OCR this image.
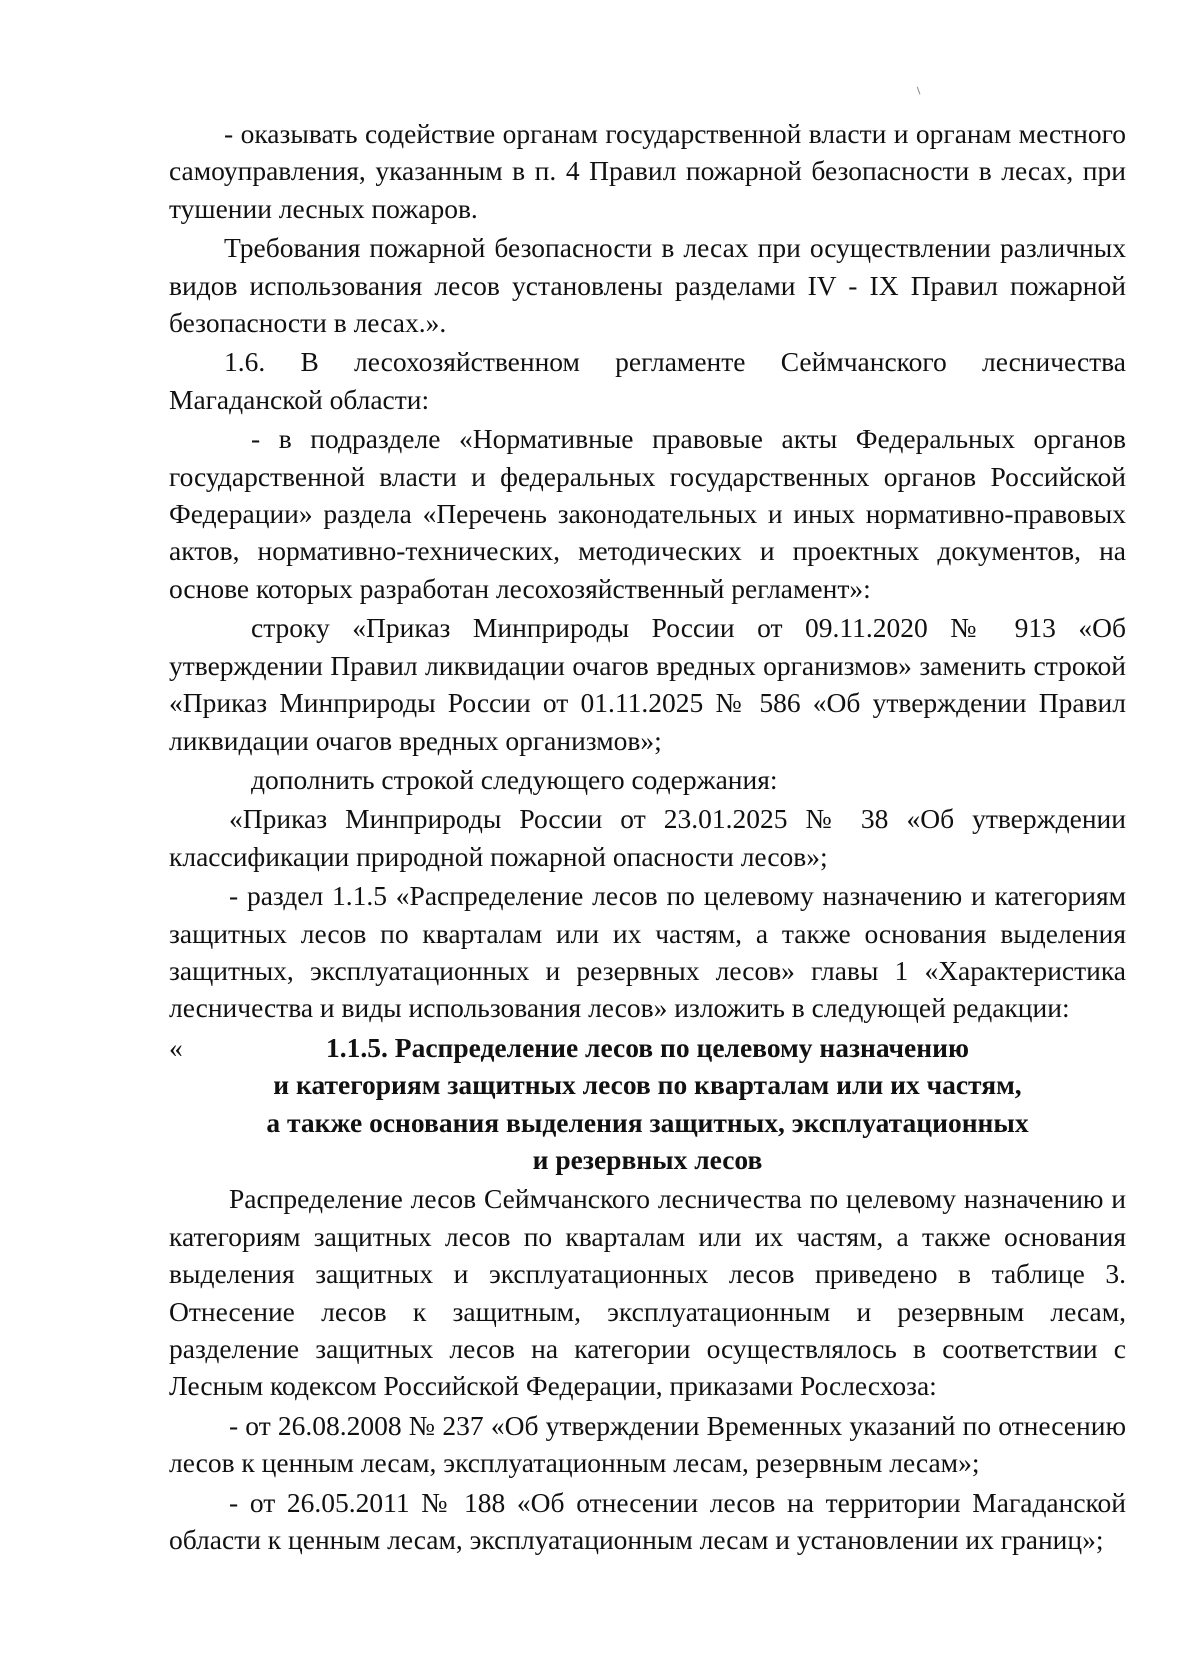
- оказывать содействие органам государственной власти и органам местного самоуправления, указанным в п. 4 Правил пожарной безопасности в лесах, при тушении лесных пожаров.

Требования пожарной безопасности в лесах при осуществлении различных видов использования лесов установлены разделами IV - IX Правил пожарной безопасности в лесах.».

1.6. В лесохозяйственном регламенте Сеймчанского лесничества Магаданской области:

- в подразделе «Нормативные правовые акты Федеральных органов государственной власти и федеральных государственных органов Российской Федерации» раздела «Перечень законодательных и иных нормативно-правовых актов, нормативно-технических, методических и проектных документов, на основе которых разработан лесохозяйственный регламент»:

строку «Приказ Минприроды России от 09.11.2020 № 913 «Об утверждении Правил ликвидации очагов вредных организмов» заменить строкой «Приказ Минприроды России от 01.11.2025 № 586 «Об утверждении Правил ликвидации очагов вредных организмов»;

дополнить строкой следующего содержания:

«Приказ Минприроды России от 23.01.2025 № 38 «Об утверждении классификации природной пожарной опасности лесов»;

- раздел 1.1.5 «Распределение лесов по целевому назначению и категориям защитных лесов по кварталам или их частям, а также основания выделения защитных, эксплуатационных и резервных лесов» главы 1 «Характеристика лесничества и виды использования лесов» изложить в следующей редакции:

«	1.1.5. Распределение лесов по целевому назначению
и категориям защитных лесов по кварталам или их частям,
а также основания выделения защитных, эксплуатационных
и резервных лесов

Распределение лесов Сеймчанского лесничества по целевому назначению и категориям защитных лесов по кварталам или их частям, а также основания выделения защитных и эксплуатационных лесов приведено в таблице 3. Отнесение лесов к защитным, эксплуатационным и резервным лесам, разделение защитных лесов на категории осуществлялось в соответствии с Лесным кодексом Российской Федерации, приказами Рослесхоза:

- от 26.08.2008 № 237 «Об утверждении Временных указаний по отнесению лесов к ценным лесам, эксплуатационным лесам, резервным лесам»;

- от 26.05.2011 № 188 «Об отнесении лесов на территории Магаданской области к ценным лесам, эксплуатационным лесам и установлении их границ»;
